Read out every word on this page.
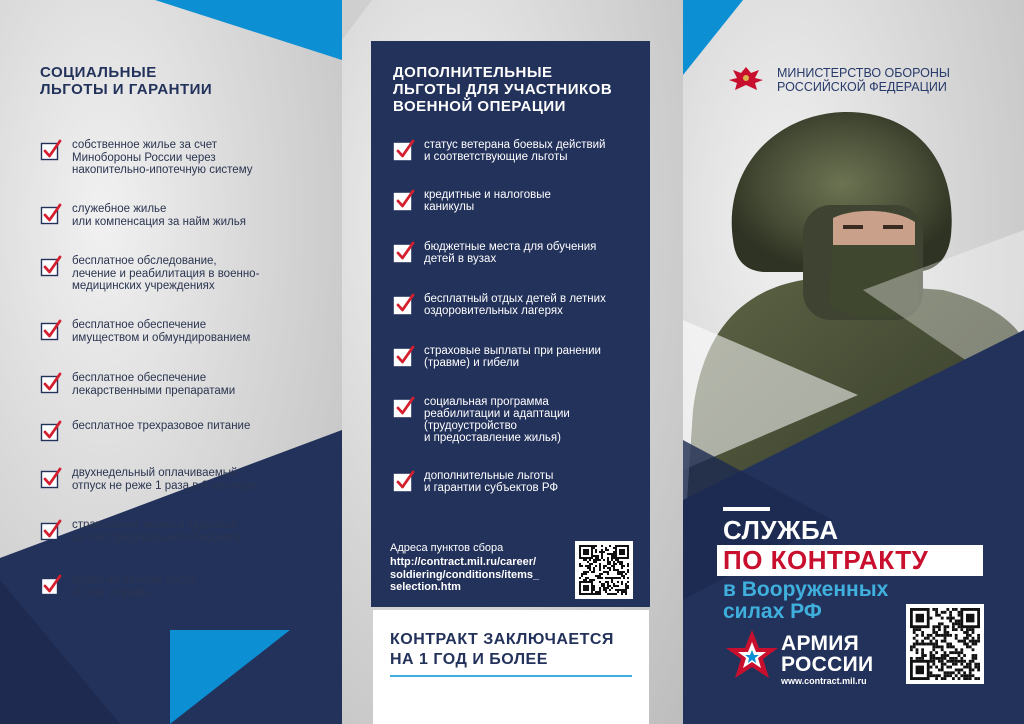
СОЦИАЛЬНЫЕ
ЛЬГОТЫ И ГАРАНТИИ
собственное жилье за счет
Минобороны России через
накопительно-ипотечную систему
служебное жилье
или компенсация за найм жилья
бесплатное обследование,
лечение и реабилитация в военно-
медицинских учреждениях
бесплатное обеспечение
имуществом и обмундированием
бесплатное обеспечение
лекарственными препаратами
бесплатное трехразовое питание
двухнедельный оплачиваемый
отпуск не реже 1 раза в 6 месяцев
страхование жизни и здоровья
за счет федерального бюджета
право на пенсию после
20 лет службы
ДОПОЛНИТЕЛЬНЫЕ
ЛЬГОТЫ ДЛЯ УЧАСТНИКОВ
ВОЕННОЙ ОПЕРАЦИИ
статус ветерана боевых действий
и соответствующие льготы
кредитные и налоговые
каникулы
бюджетные места для обучения
детей в вузах
бесплатный отдых детей в летних
оздоровительных лагерях
страховые выплаты при ранении
(травме) и гибели
социальная программа
реабилитации и адаптации
(трудоустройство
и предоставление жилья)
дополнительные льготы
и гарантии субъектов РФ
Адреса пунктов сбора
http://contract.mil.ru/career/
soldiering/conditions/items_
selection.htm
КОНТРАКТ ЗАКЛЮЧАЕТСЯ
НА 1 ГОД И БОЛЕЕ
МИНИСТЕРСТВО ОБОРОНЫ
РОССИЙСКОЙ ФЕДЕРАЦИИ
СЛУЖБА
ПО КОНТРАКТУ
в Вооруженных
силах РФ
АРМИЯ
РОССИИ
www.contract.mil.ru
